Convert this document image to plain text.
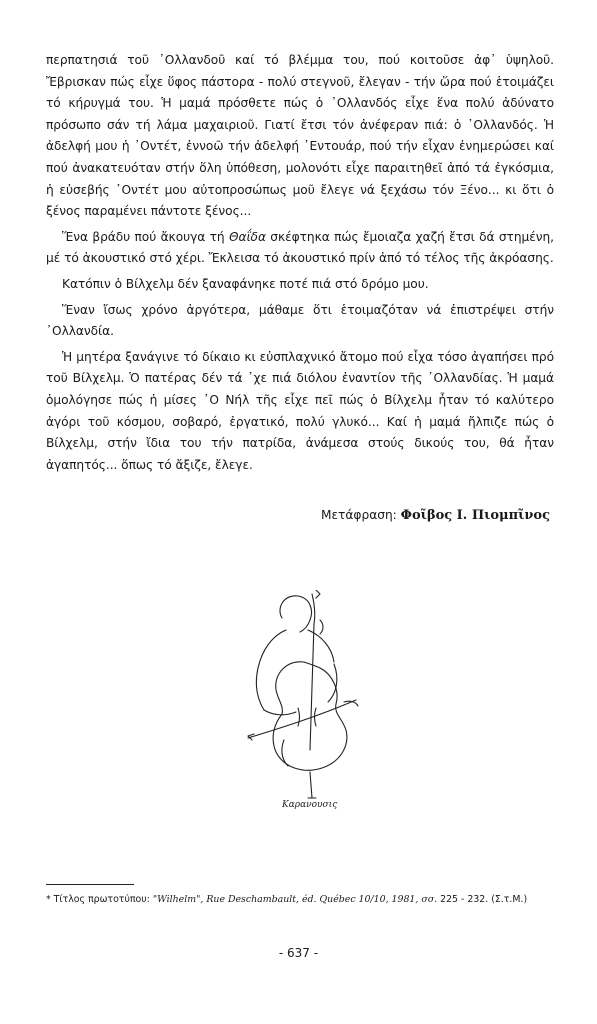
περπατησιά τοῦ ᾿Ολλανδοῦ καί τό βλέμμα του, πού κοιτοῦσε ἀφ᾿ ὑψηλοῦ. Ἔβρισκαν πώς εἶχε ὕφος πάστορα - πολύ στεγνοῦ, ἔλεγαν - τήν ὥρα πού ἑτοιμάζει τό κήρυγμά του. Ἡ μαμά πρόσθετε πώς ὁ ᾿Ολλανδός εἶχε ἕνα πολύ ἀδύνατο πρόσωπο σάν τή λάμα μαχαιριοῦ. Γιατί ἔτσι τόν ἀνέφεραν πιά: ὁ ᾿Ολλανδός. Ἡ ἀδελφή μου ἡ ᾿Οντέτ, ἐννοῶ τήν ἀδελφή ᾿Εντουάρ, πού τήν εἶχαν ἐνημερώσει καί πού ἀνακατευόταν στήν ὅλη ὑπόθεση, μολονότι εἶχε παραιτηθεῖ ἀπό τά ἐγκόσμια, ἡ εὐσεβής ᾿Οντέτ μου αὐτοπροσώπως μοῦ ἔλεγε νά ξεχάσω τόν Ξένο... κι ὅτι ὁ ξένος παραμένει πάντοτε ξένος...

Ἕνα βράδυ πού ἄκουγα τή Θαΐδα σκέφτηκα πώς ἔμοιαζα χαζή ἔτσι δά στημένη, μέ τό ἀκουστικό στό χέρι. Ἔκλεισα τό ἀκουστικό πρίν ἀπό τό τέλος τῆς ἀκρόασης.

Κατόπιν ὁ Βίλχελμ δέν ξαναφάνηκε ποτέ πιά στό δρόμο μου.

Ἕναν ἴσως χρόνο ἀργότερα, μάθαμε ὅτι ἑτοιμαζόταν νά ἐπιστρέψει στήν ᾿Ολλανδία.

Ἡ μητέρα ξανάγινε τό δίκαιο κι εὐσπλαχνικό ἄτομο πού εἶχα τόσο ἀγαπήσει πρό τοῦ Βίλχελμ. Ὁ πατέρας δέν τά ᾿χε πιά διόλου ἐναντίον τῆς ᾿Ολλανδίας. Ἡ μαμά ὁμολόγησε πώς ἡ μίσες ᾿Ο Νήλ τῆς εἶχε πεῖ πώς ὁ Βίλχελμ ἦταν τό καλύτερο ἀγόρι τοῦ κόσμου, σοβαρό, ἐργατικό, πολύ γλυκό... Καί ἡ μαμά ἤλπιζε πώς ὁ Βίλχελμ, στήν ἴδια του τήν πατρίδα, ἀνάμεσα στούς δικούς του, θά ἦταν ἀγαπητός... ὅπως τό ἄξιζε, ἔλεγε.

Μετάφραση: Φοῖβος Ι. Πιομπῖνος
Καρανουσις
* Τίτλος πρωτοτύπου: "Wilhelm", Rue Deschambault, éd. Québec 10/10, 1981, σσ. 225 - 232. (Σ.τ.Μ.)
- 637 -
